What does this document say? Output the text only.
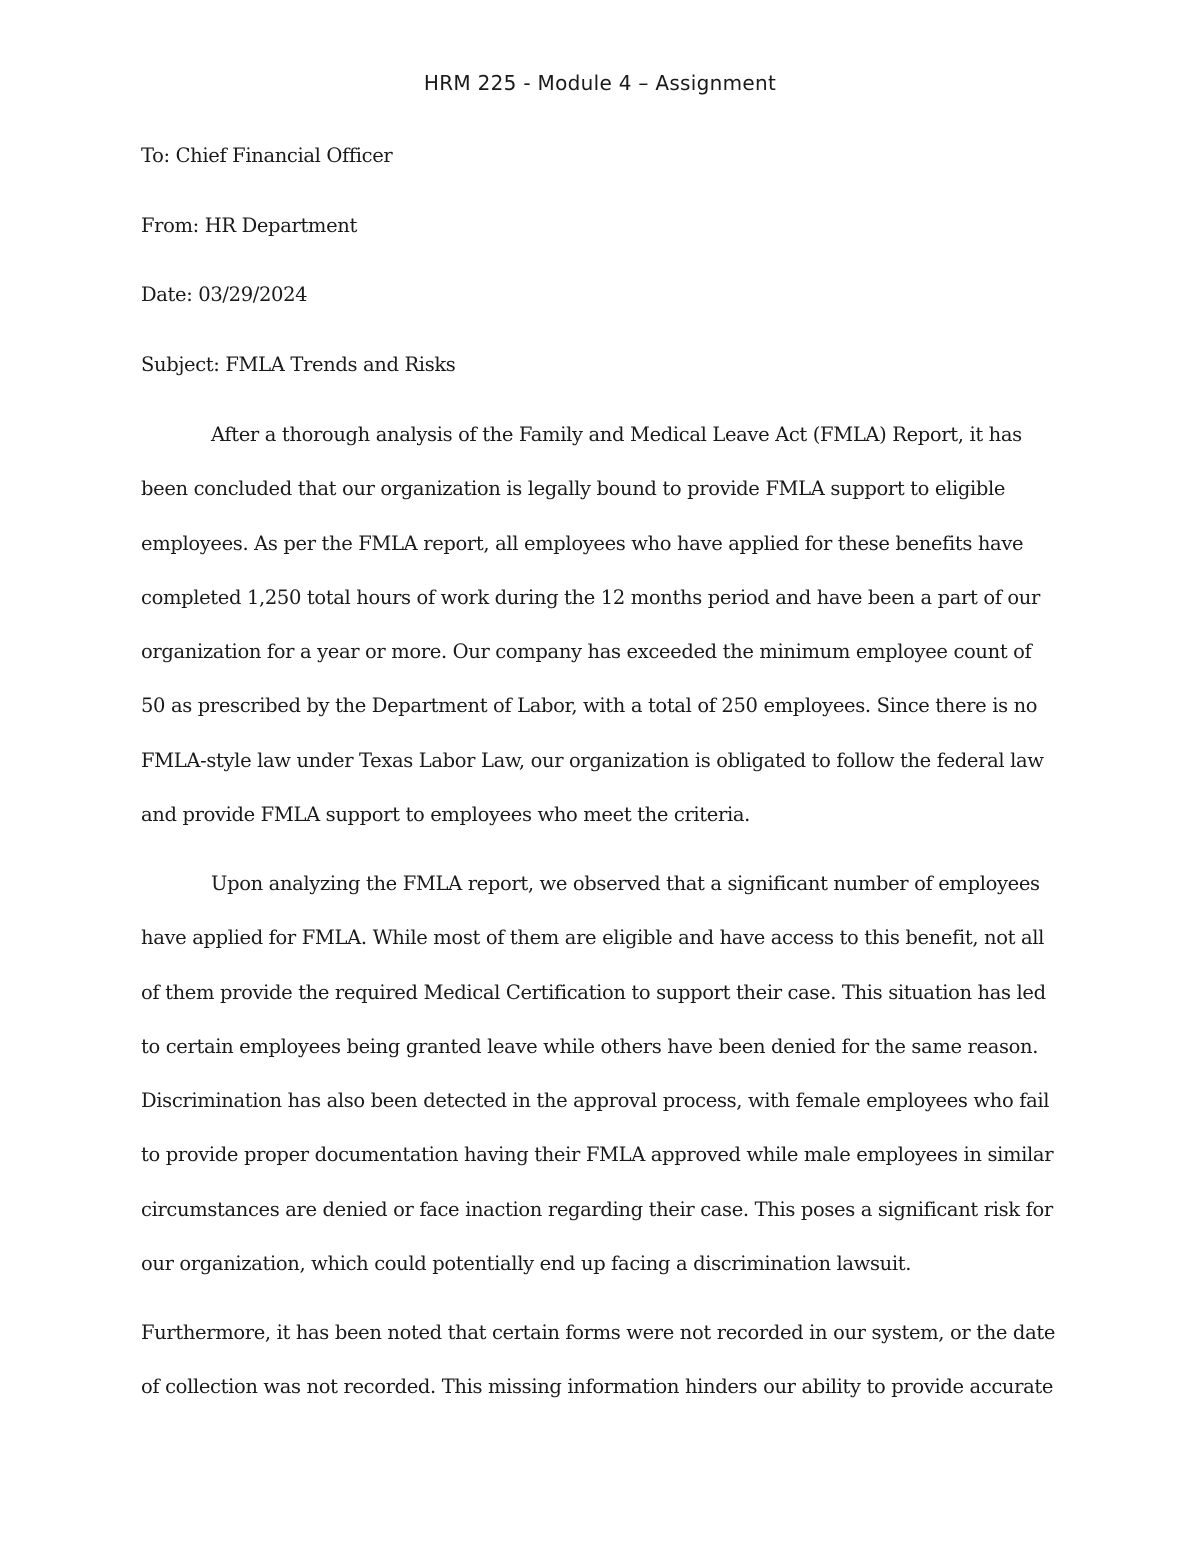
HRM 225 - Module 4 – Assignment
To: Chief Financial Officer
From: HR Department
Date: 03/29/2024
Subject: FMLA Trends and Risks

After a thorough analysis of the Family and Medical Leave Act (FMLA) Report, it has been concluded that our organization is legally bound to provide FMLA support to eligible employees. As per the FMLA report, all employees who have applied for these benefits have completed 1,250 total hours of work during the 12 months period and have been a part of our organization for a year or more. Our company has exceeded the minimum employee count of 50 as prescribed by the Department of Labor, with a total of 250 employees. Since there is no FMLA-style law under Texas Labor Law, our organization is obligated to follow the federal law and provide FMLA support to employees who meet the criteria.

Upon analyzing the FMLA report, we observed that a significant number of employees have applied for FMLA. While most of them are eligible and have access to this benefit, not all of them provide the required Medical Certification to support their case. This situation has led to certain employees being granted leave while others have been denied for the same reason. Discrimination has also been detected in the approval process, with female employees who fail to provide proper documentation having their FMLA approved while male employees in similar circumstances are denied or face inaction regarding their case. This poses a significant risk for our organization, which could potentially end up facing a discrimination lawsuit.

Furthermore, it has been noted that certain forms were not recorded in our system, or the date of collection was not recorded. This missing information hinders our ability to provide accurate
